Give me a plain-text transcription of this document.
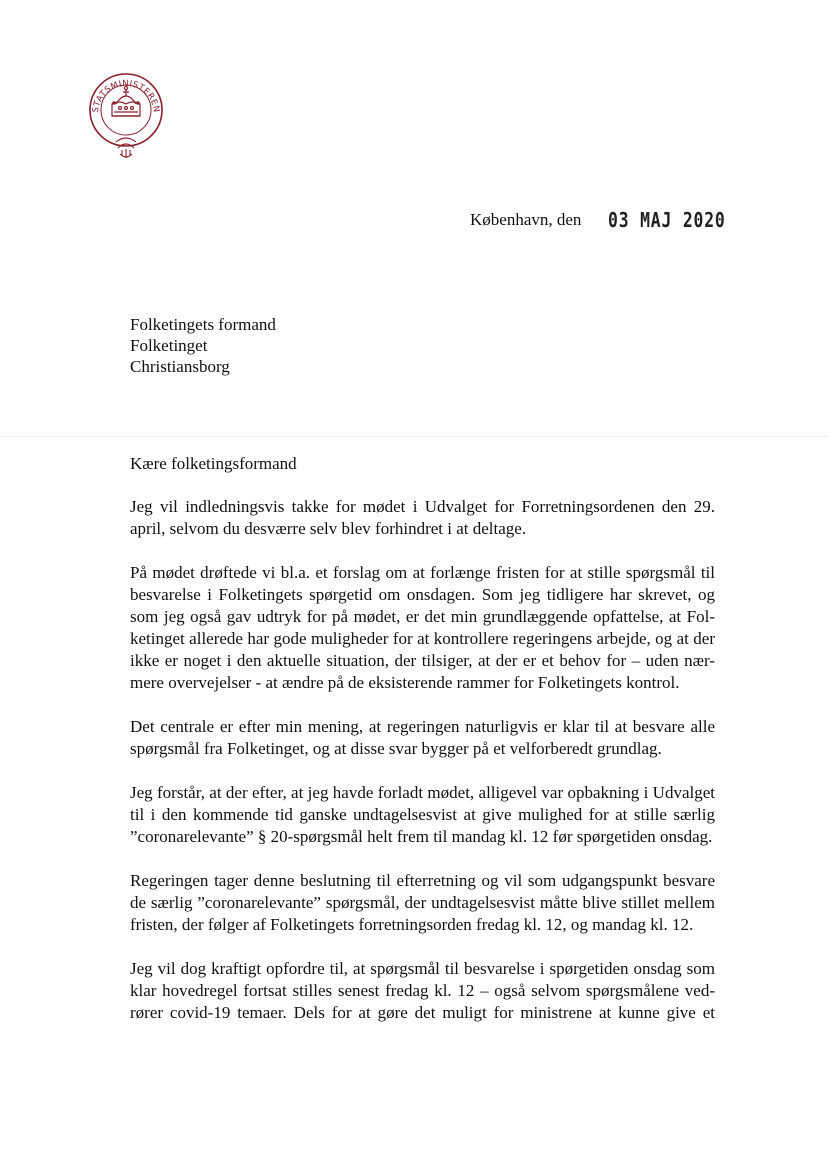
STATSMINISTEREN
København, den 03 MAJ 2020
Folketingets formand
Folketinget
Christiansborg

Kære folketingsformand

Jeg vil indledningsvis takke for mødet i Udvalget for Forretningsordenen den 29.
april, selvom du desværre selv blev forhindret i at deltage.

På mødet drøftede vi bl.a. et forslag om at forlænge fristen for at stille spørgsmål til
besvarelse i Folketingets spørgetid om onsdagen. Som jeg tidligere har skrevet, og
som jeg også gav udtryk for på mødet, er det min grundlæggende opfattelse, at Fol-
ketinget allerede har gode muligheder for at kontrollere regeringens arbejde, og at der
ikke er noget i den aktuelle situation, der tilsiger, at der er et behov for – uden nær-
mere overvejelser - at ændre på de eksisterende rammer for Folketingets kontrol.

Det centrale er efter min mening, at regeringen naturligvis er klar til at besvare alle
spørgsmål fra Folketinget, og at disse svar bygger på et velforberedt grundlag.

Jeg forstår, at der efter, at jeg havde forladt mødet, alligevel var opbakning i Udvalget
til i den kommende tid ganske undtagelsesvist at give mulighed for at stille særlig
”coronarelevante” § 20-spørgsmål helt frem til mandag kl. 12 før spørgetiden onsdag.

Regeringen tager denne beslutning til efterretning og vil som udgangspunkt besvare
de særlig ”coronarelevante” spørgsmål, der undtagelsesvist måtte blive stillet mellem
fristen, der følger af Folketingets forretningsorden fredag kl. 12, og mandag kl. 12.

Jeg vil dog kraftigt opfordre til, at spørgsmål til besvarelse i spørgetiden onsdag som
klar hovedregel fortsat stilles senest fredag kl. 12 – også selvom spørgsmålene ved-
rører covid-19 temaer. Dels for at gøre det muligt for ministrene at kunne give et
